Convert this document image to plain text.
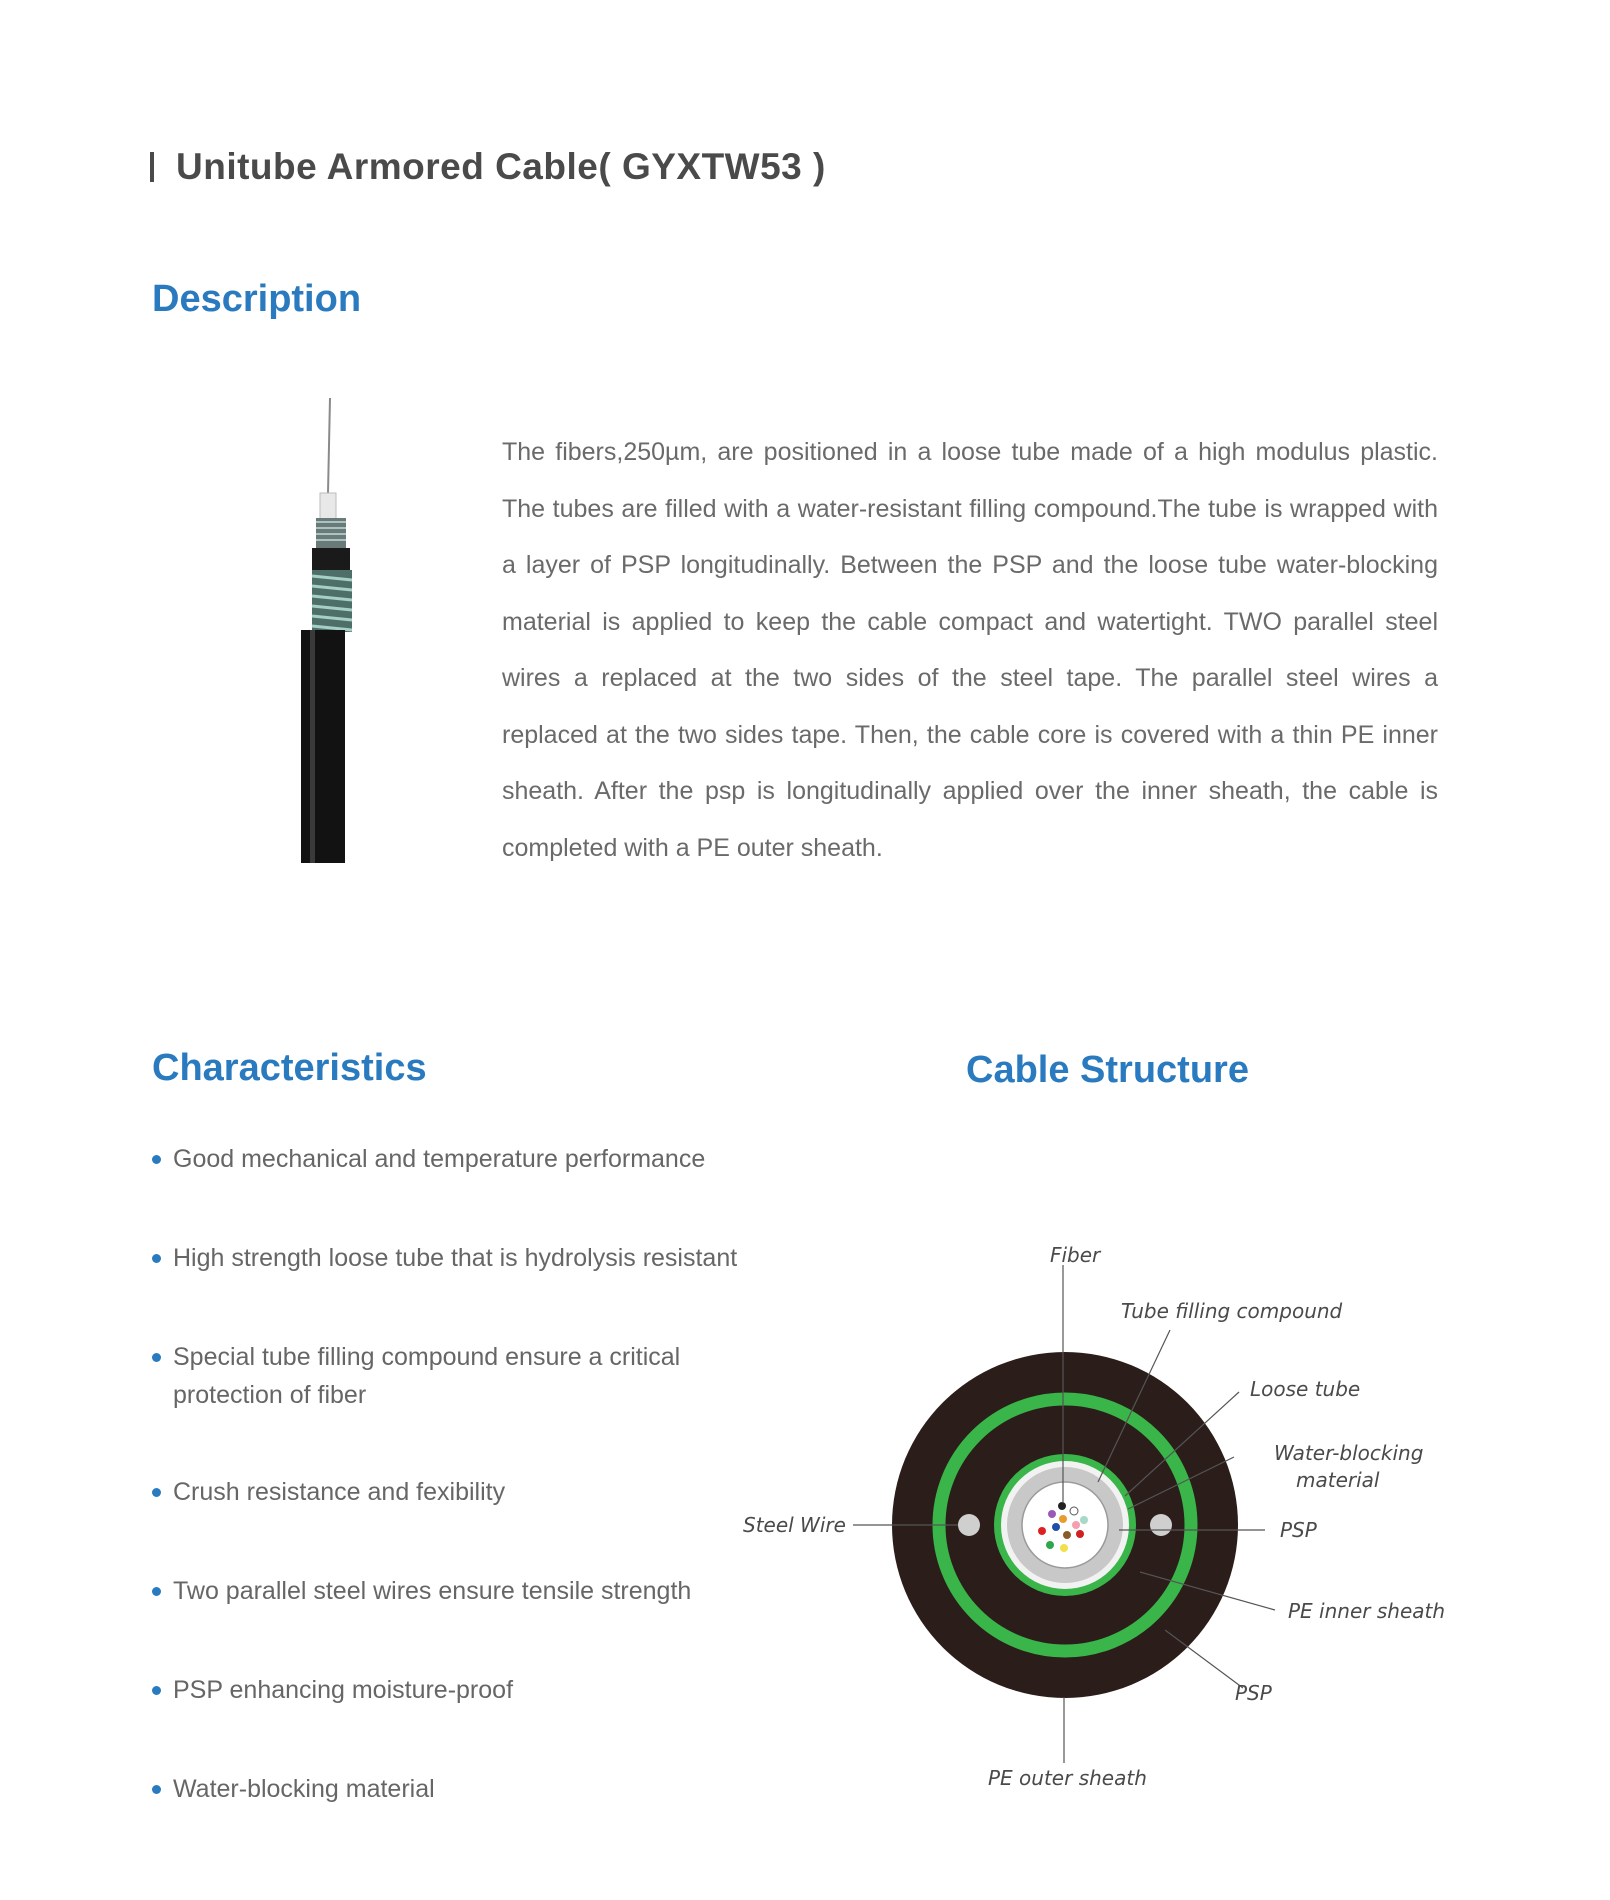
Unitube Armored Cable( GYXTW53 )
Description

The fibers,250µm, are positioned in a loose tube made of a high modulus plastic. The tubes are filled with a water-resistant filling compound.The tube is wrapped with a layer of PSP longitudinally. Between the PSP and the loose tube water-blocking material is applied to keep the cable compact and watertight. TWO parallel steel wires a replaced at the two sides of the steel tape. The parallel steel wires a replaced at the two sides tape. Then, the cable core is covered with a thin PE inner sheath. After the psp is longitudinally applied over the inner sheath, the cable is completed with a PE outer sheath.

Characteristics
Good mechanical and temperature performance
High strength loose tube that is hydrolysis resistant
Special tube filling compound ensure a critical protection of fiber
Crush resistance and fexibility
Two parallel steel wires ensure tensile strength
PSP enhancing moisture-proof
Water-blocking material
Cable Structure
Fiber
Tube filling compound
Loose tube
Water-blocking
material
PSP
Steel Wire
PE inner sheath
PSP
PE outer sheath
